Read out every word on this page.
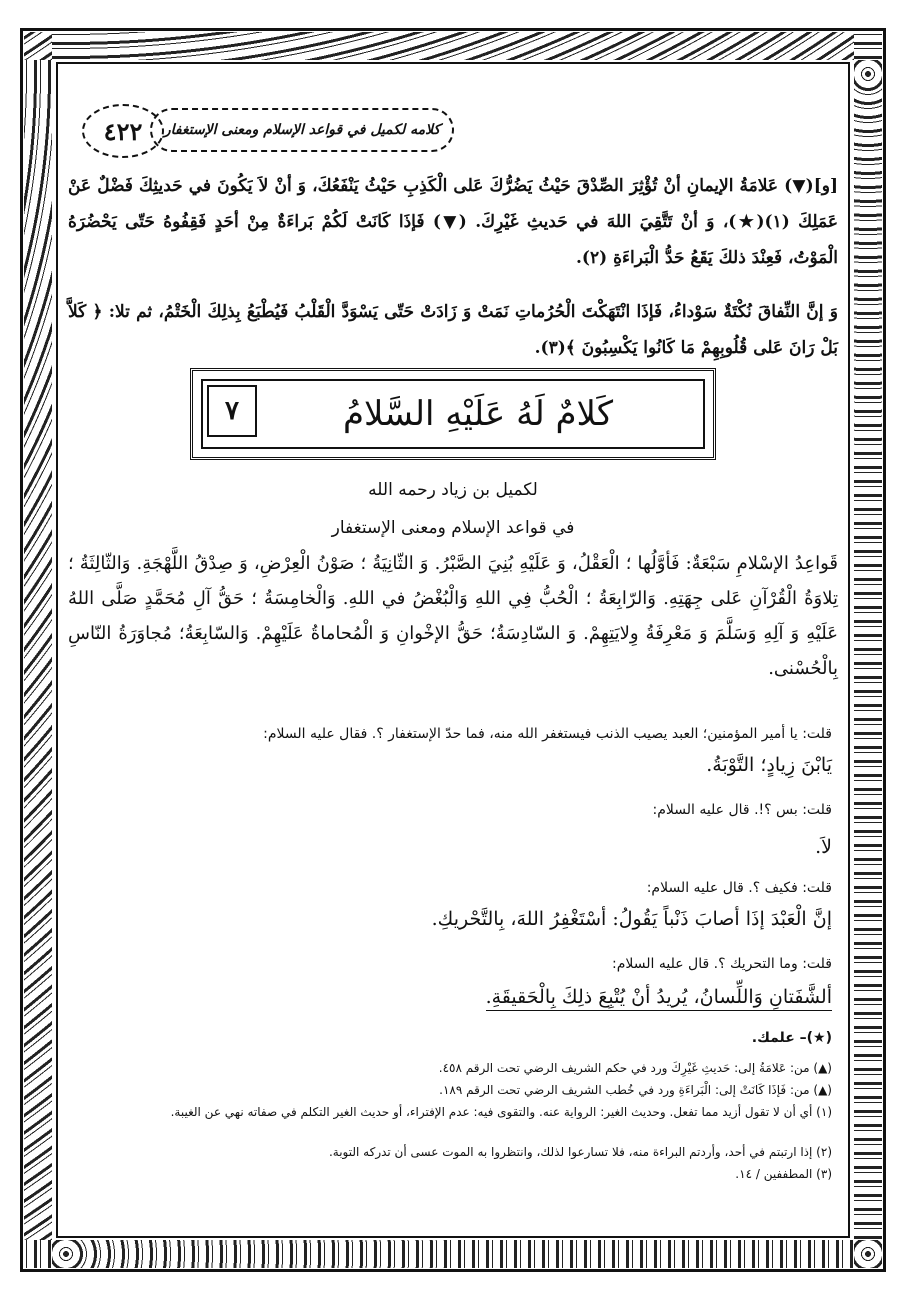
كلامه لكميل في قواعد الإسلام ومعنى الإستغفار
٤٢٢

[و](▼) عَلامَةُ الإيمانِ أنْ تُؤْثِرَ الصِّدْقَ حَيْثُ يَضُرُّكَ عَلى الْكَذِبِ حَيْثُ يَنْفَعُكَ، وَ أنْ لاَ يَكُونَ في حَديثِكَ فَضْلٌ عَنْ عَمَلِكَ (١)(★)، وَ أنْ تَتَّقِيَ اللهَ في حَديثِ غَيْرِكَ. (▼) فَإذَا كَانَتْ لَكُمْ بَراءَةٌ مِنْ أحَدٍ فَقِفُوهُ حَتّى يَحْضُرَهُ الْمَوْتُ، فَعِنْدَ ذلكَ يَقَعُ حَدُّ الْبَراءَةِ (٢).

وَ إنَّ النِّفاقَ نُكْتَةٌ سَوْداءُ، فَإذَا انْتَهَكْتَ الْحُرُماتِ نَمَتْ وَ زَادَتْ حَتّى يَسْوَدَّ الْقَلْبُ فَيُطْبَعُ بِذلِكَ الْخَتْمُ، ثم تلا: ﴿ كَلاَّ بَلْ رَانَ عَلى قُلُوبِهِمْ مَا كَانُوا يَكْسِبُونَ ﴾(٣).

٧	كَلامٌ لَهُ عَلَيْهِ السَّلامُ
لكميل بن زياد رحمه الله
في قواعد الإسلام ومعنى الإستغفار

قَواعِدُ الإسْلامِ سَبْعَةٌ: فَأوَّلُها ؛ الْعَقْلُ، وَ عَلَيْهِ بُنِيَ الصَّبْرُ. وَ الثّانِيَةُ ؛ صَوْنُ الْعِرْضِ، وَ صِدْقُ اللَّهْجَةِ. وَالثّالِثَةُ ؛ تِلاوَةُ الْقُرْآنِ عَلى جِهَتِهِ. وَالرّابِعَةُ ؛ الْحُبُّ فِي اللهِ وَالْبُغْضُ في اللهِ. وَالْخامِسَةُ ؛ حَقُّ آلِ مُحَمَّدٍ صَلَّى اللهُ عَلَيْهِ وَ آلِهِ وَسَلَّمَ وَ مَعْرِفَةُ وِلايَتِهِمْ. وَ السّادِسَةُ؛ حَقُّ الإخْوانِ وَ الْمُحاماةُ عَلَيْهِمْ. وَالسّابِعَةُ؛ مُجاوَرَةُ النّاسِ بِالْحُسْنى.

قلت: يا أمير المؤمنين؛ العبد يصيب الذنب فيستغفر الله منه، فما حدّ الإستغفار ؟. فقال عليه السلام:
يَابْنَ زِيادٍ؛ التَّوْبَةُ.
قلت: بس ؟!. قال عليه السلام:
لاَ.
قلت: فكيف ؟. قال عليه السلام:
إنَّ الْعَبْدَ إذَا أصابَ ذَنْباً يَقُولُ: أسْتَغْفِرُ اللهَ، بِالتَّحْريكِ.
قلت: وما التحريك ؟. قال عليه السلام:
ألشَّفَتانِ وَاللِّسانُ، يُريدُ أنْ يُتْبِعَ ذلِكَ بِالْحَقيقَةِ.
(★)– علمك.
(▲) من: عَلامَةُ إلى: حَديثِ غَيْرِكَ ورد في حكم الشريف الرضي تحت الرقم ٤٥٨.
(▲) من: فَإذَا كَانَتْ إلى: الْبَراءَةِ ورد في خُطب الشريف الرضي تحت الرقم ١٨٩.
(١) أي أن لا تقول أزيد مما تفعل. وحديث الغير: الرواية عنه. والتقوى فيه: عدم الإفتراء، أو حديث الغير التكلم في صفاته نهي عن الغيبة.
(٢) إذا ارتبتم في أحد، وأردتم البراءة منه، فلا تسارعوا لذلك، وانتظروا به الموت عسى أن تدركه التوبة.
(٣) المطففين / ١٤.
